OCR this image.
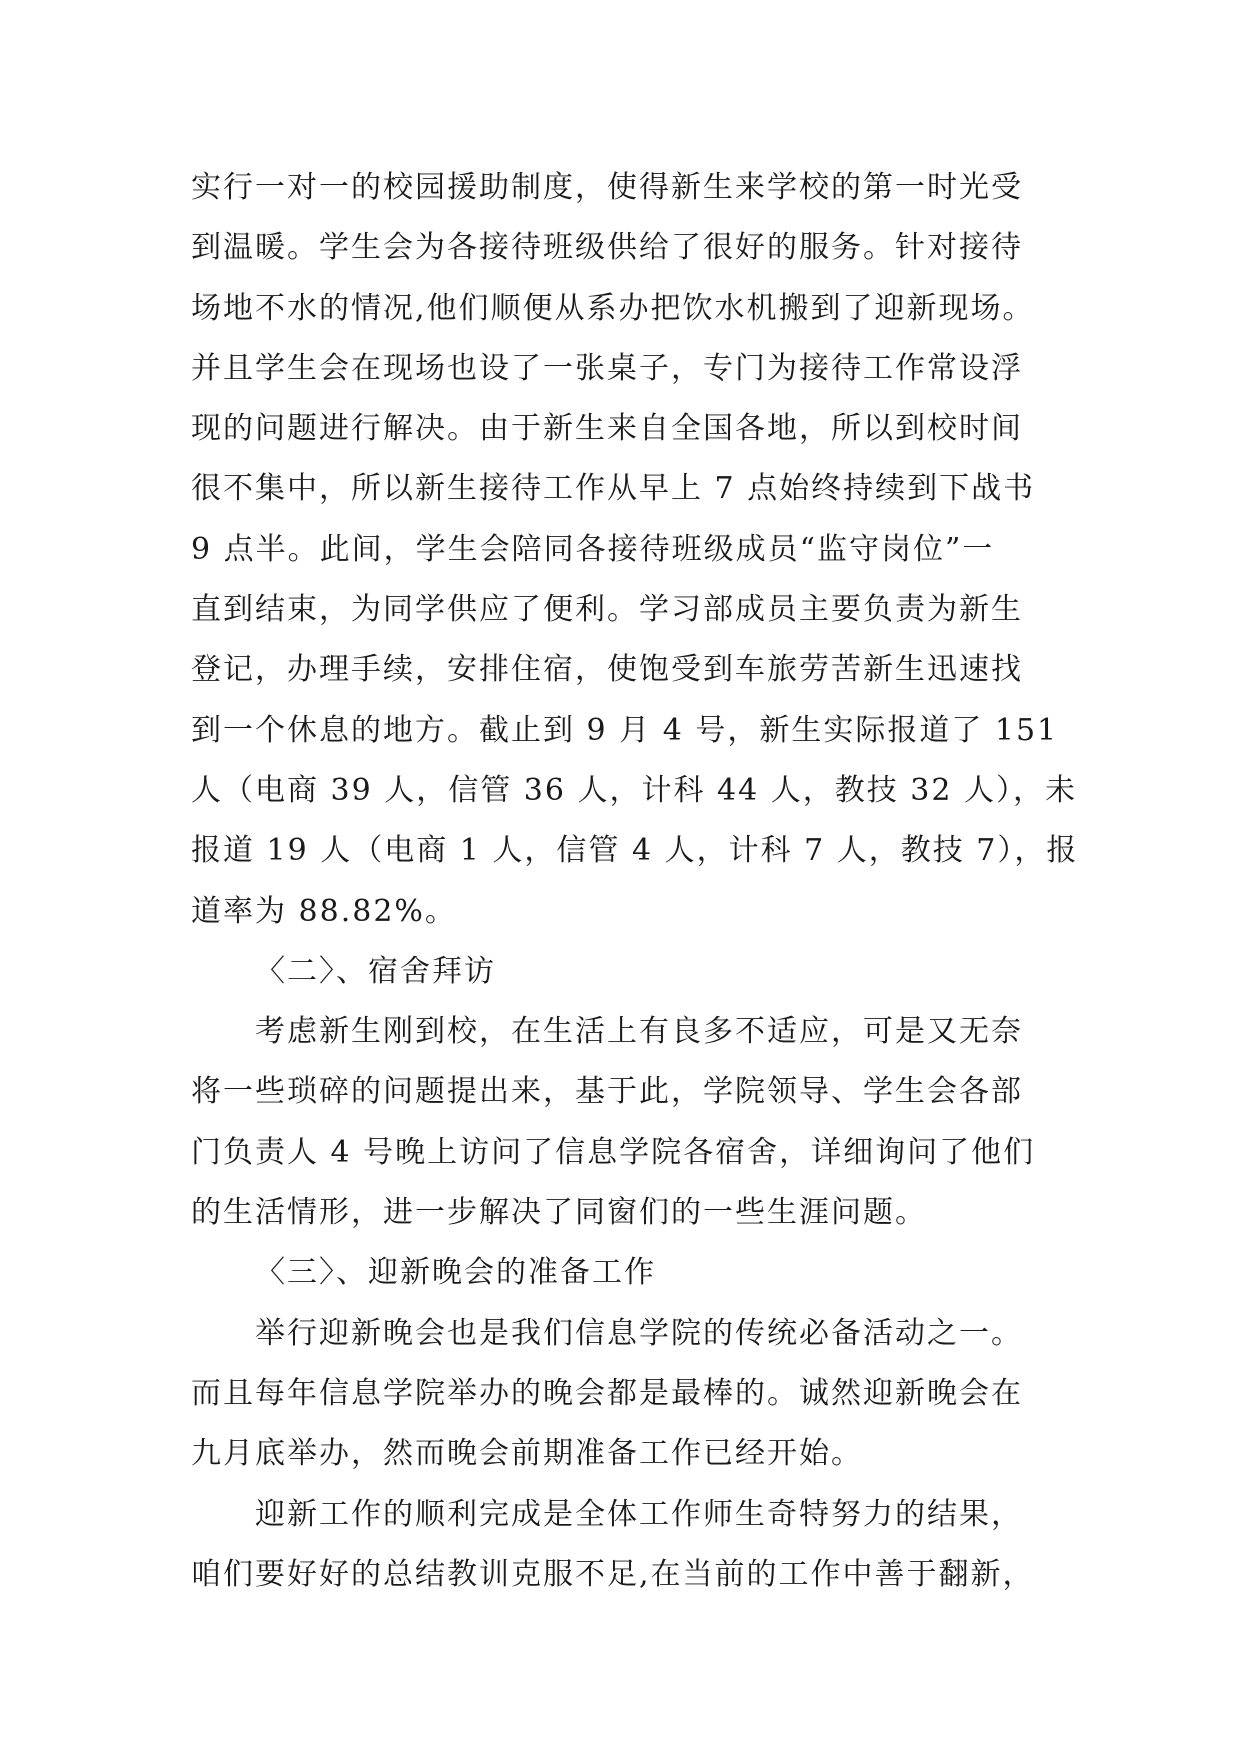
实行一对一的校园援助制度，使得新生来学校的第一时光受
到温暖。学生会为各接待班级供给了很好的服务。针对接待
场地不水的情况,他们顺便从系办把饮水机搬到了迎新现场。
并且学生会在现场也设了一张桌子，专门为接待工作常设浮
现的问题进行解决。由于新生来自全国各地，所以到校时间
很不集中，所以新生接待工作从早上 7 点始终持续到下战书
9 点半。此间，学生会陪同各接待班级成员“监守岗位”一
直到结束，为同学供应了便利。学习部成员主要负责为新生
登记，办理手续，安排住宿，使饱受到车旅劳苦新生迅速找
到一个休息的地方。截止到 9 月 4 号，新生实际报道了 151
人（电商 39 人，信管 36 人，计科 44 人，教技 32 人），未
报道 19 人（电商 1 人，信管 4 人，计科 7 人，教技 7），报
道率为 88.82%。
〈二〉、宿舍拜访
考虑新生刚到校，在生活上有良多不适应，可是又无奈
将一些琐碎的问题提出来，基于此，学院领导、学生会各部
门负责人 4 号晚上访问了信息学院各宿舍，详细询问了他们
的生活情形，进一步解决了同窗们的一些生涯问题。
〈三〉、迎新晚会的准备工作
举行迎新晚会也是我们信息学院的传统必备活动之一。
而且每年信息学院举办的晚会都是最棒的。诚然迎新晚会在
九月底举办，然而晚会前期准备工作已经开始。
迎新工作的顺利完成是全体工作师生奇特努力的结果，
咱们要好好的总结教训克服不足,在当前的工作中善于翻新，
